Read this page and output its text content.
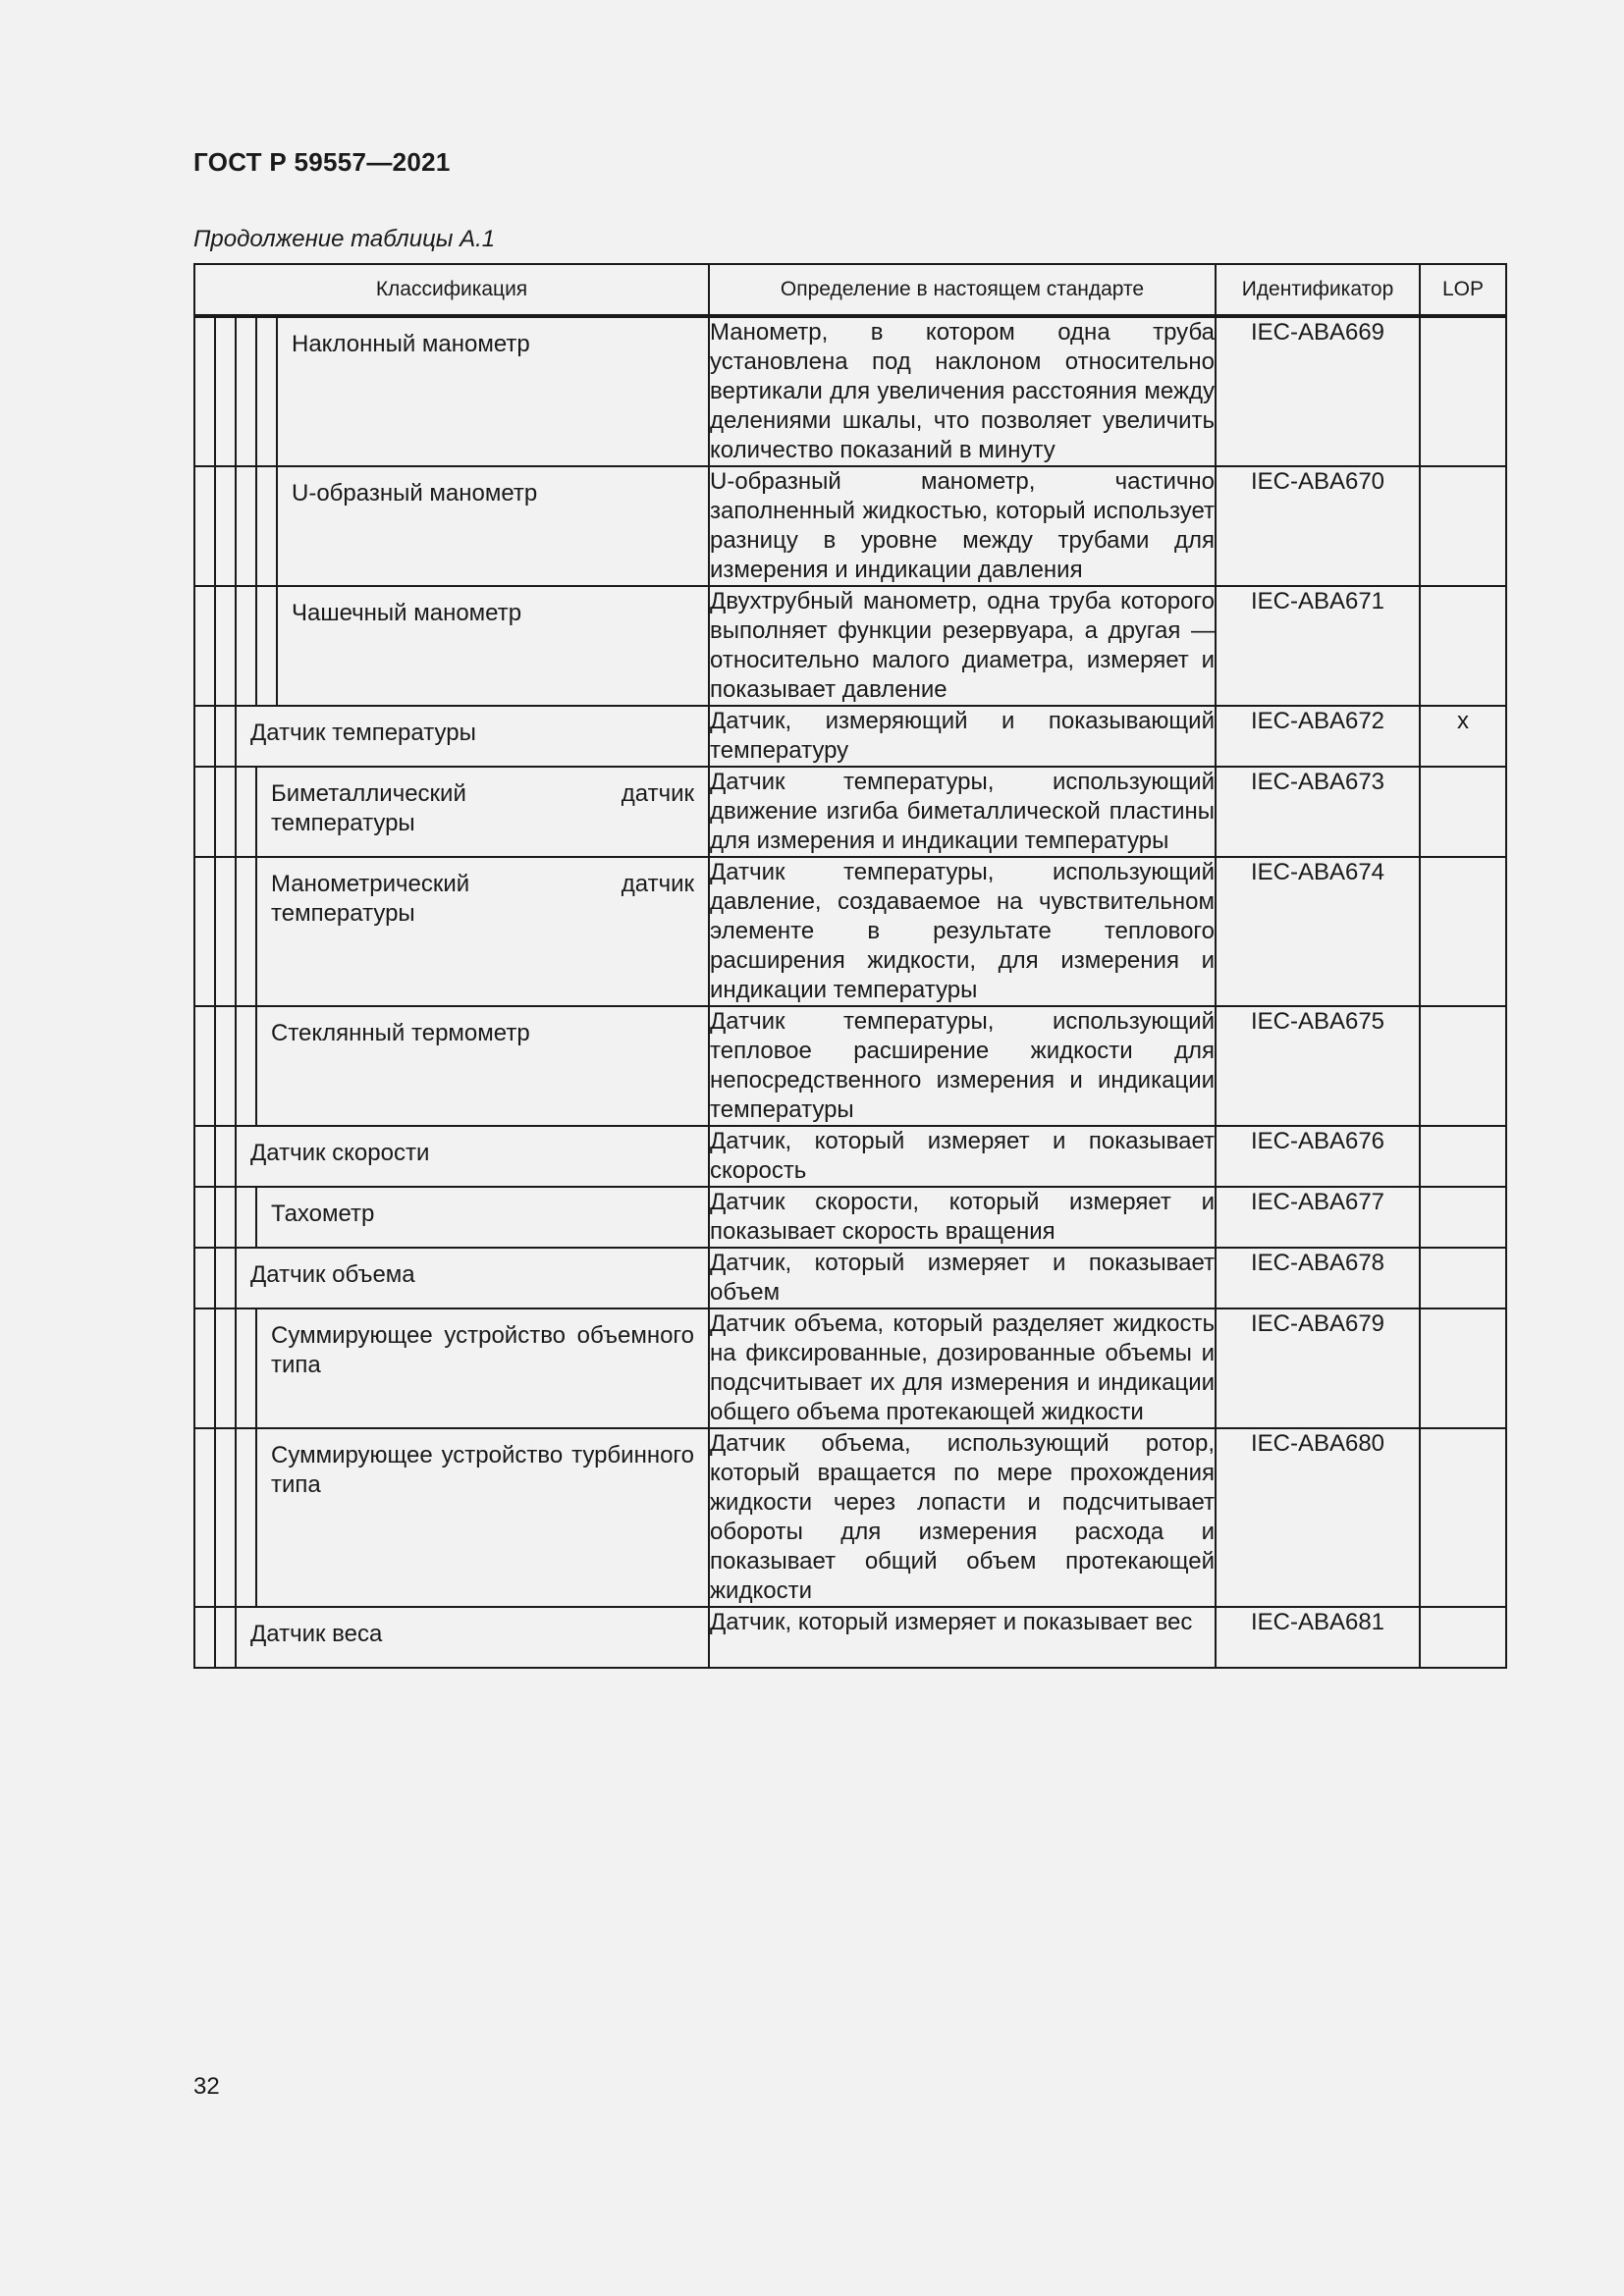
ГОСТ Р 59557—2021
Продолжение таблицы А.1
Классификация	Определение в настоящем стандарте	Идентификатор	LOP

Наклонный манометр	Манометр, в котором одна труба установлена под наклоном относительно вертикали для увеличения расстояния между делениями шкалы, что позволяет увеличить количество показаний в минуту	IEC-ABA669	

U-образный манометр	U-образный манометр, частично заполненный жидкостью, который использует разницу в уровне между трубами для измерения и индикации давления	IEC-ABA670	

Чашечный манометр	Двухтрубный манометр, одна труба которого выполняет функции резервуара, а другая — относительно малого диаметра, измеряет и показывает давление	IEC-ABA671	

Датчик температуры	Датчик, измеряющий и показывающий температуру	IEC-ABA672	x

Биметаллический датчик температуры	Датчик температуры, использующий движение изгиба биметаллической пластины для измерения и индикации температуры	IEC-ABA673	

Манометрический датчик температуры	Датчик температуры, использующий давление, создаваемое на чувствительном элементе в результате теплового расширения жидкости, для измерения и индикации температуры	IEC-ABA674	

Стеклянный термометр	Датчик температуры, использующий тепловое расширение жидкости для непосредственного измерения и индикации температуры	IEC-ABA675	

Датчик скорости	Датчик, который измеряет и показывает скорость	IEC-ABA676	

Тахометр	Датчик скорости, который измеряет и показывает скорость вращения	IEC-ABA677	

Датчик объема	Датчик, который измеряет и показывает объем	IEC-ABA678	

Суммирующее устройство объемного типа	Датчик объема, который разделяет жидкость на фиксированные, дозированные объемы и подсчитывает их для измерения и индикации общего объема протекающей жидкости	IEC-ABA679	

Суммирующее устройство турбинного типа	Датчик объема, использующий ротор, который вращается по мере прохождения жидкости через лопасти и подсчитывает обороты для измерения расхода и показывает общий объем протекающей жидкости	IEC-ABA680	

Датчик веса	Датчик, который измеряет и показывает вес	IEC-ABA681	
32
